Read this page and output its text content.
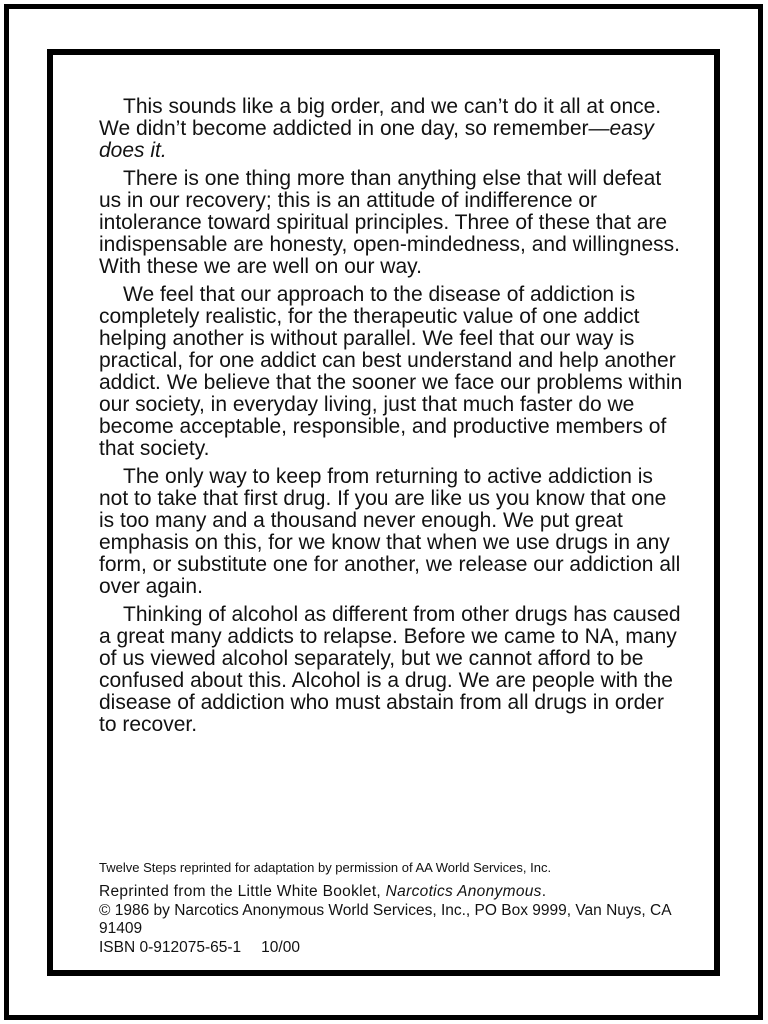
This sounds like a big order, and we can’t do it all at once. We didn’t become addicted in one day, so remember—easy does it.

There is one thing more than anything else that will defeat us in our recovery; this is an attitude of indifference or intolerance toward spiritual principles. Three of these that are indispensable are honesty, open-mindedness, and willingness. With these we are well on our way.

We feel that our approach to the disease of addiction is completely realistic, for the therapeutic value of one addict helping another is without parallel. We feel that our way is practical, for one addict can best understand and help another addict. We believe that the sooner we face our problems within our society, in everyday living, just that much faster do we become acceptable, responsible, and productive members of that society.

The only way to keep from returning to active addiction is not to take that first drug. If you are like us you know that one is too many and a thousand never enough. We put great emphasis on this, for we know that when we use drugs in any form, or substitute one for another, we release our addiction all over again.

Thinking of alcohol as different from other drugs has caused a great many addicts to relapse. Before we came to NA, many of us viewed alcohol separately, but we cannot afford to be confused about this. Alcohol is a drug. We are people with the disease of addiction who must abstain from all drugs in order to recover.

Twelve Steps reprinted for adaptation by permission of AA World Services, Inc.
Reprinted from the Little White Booklet, Narcotics Anonymous.
© 1986 by Narcotics Anonymous World Services, Inc., PO Box 9999, Van Nuys, CA 91409
ISBN 0-912075-65-1 10/00
